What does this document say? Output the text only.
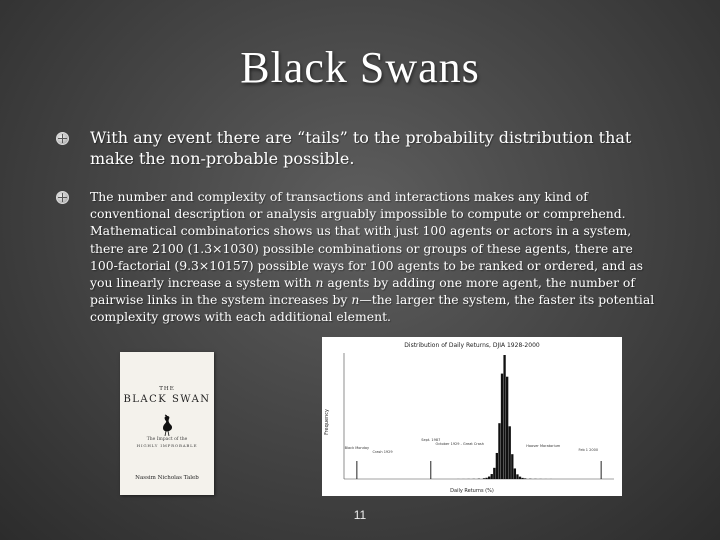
Black Swans
With any event there are “tails” to the probability distribution that make the non-probable possible.
The number and complexity of transactions and interactions makes any kind of conventional description or analysis arguably impossible to compute or comprehend. Mathematical combinatorics shows us that with just 100 agents or actors in a system, there are 2100 (1.3×1030) possible combinations or groups of these agents, there are 100-factorial (9.3×10157) possible ways for 100 agents to be ranked or ordered, and as you linearly increase a system with n agents by adding one more agent, the number of pairwise links in the system increases by n—the larger the system, the faster its potential complexity grows with each additional element.
THE
BLACK SWAN
The Impact of the
HIGHLY IMPROBABLE
Nassim Nicholas Taleb
Distribution of Daily Returns, DJIA 1928-2000
Daily Returns (%)
Frequency
Black Monday
Crash 1929
Sept. 1987
October 1929 - Great Crash	Hoover Moratorium
Feb 1 2000
11
